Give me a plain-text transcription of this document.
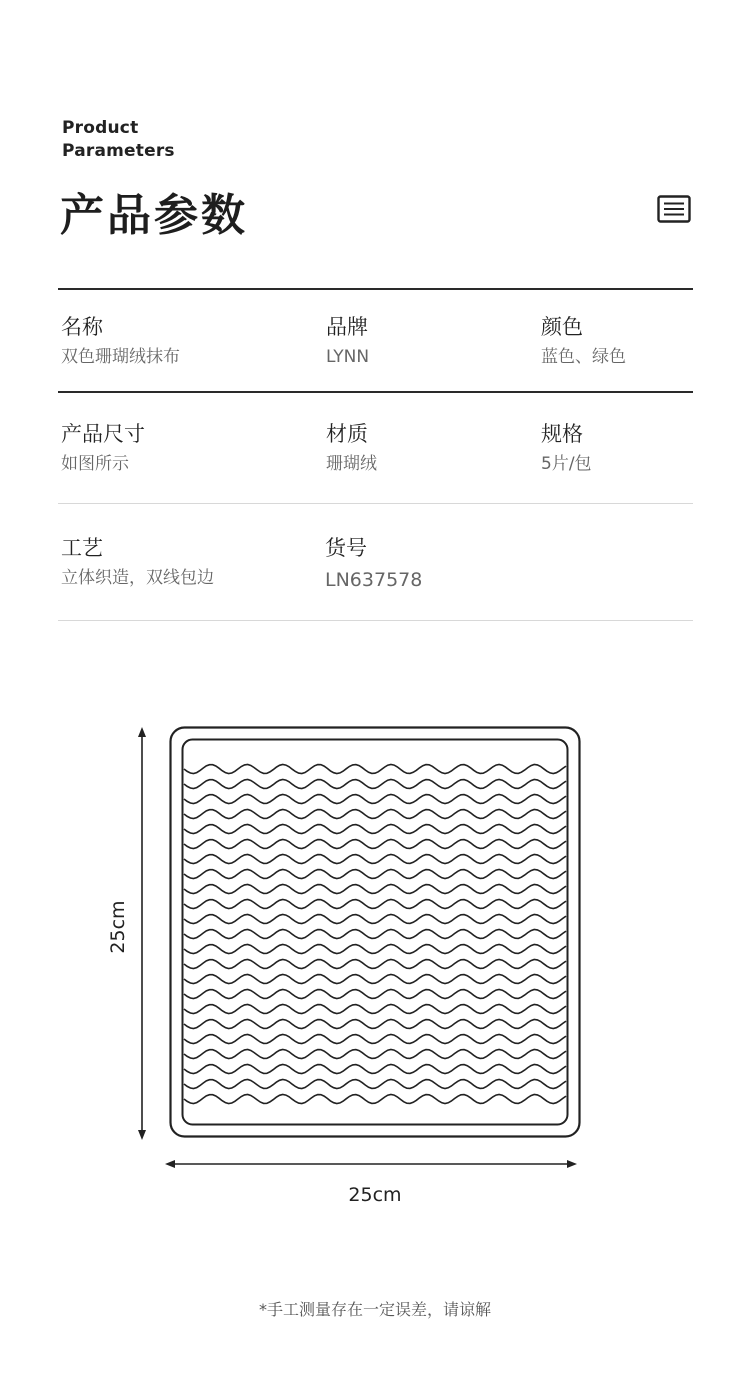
Product
Parameters
产品参数
名称
双色珊瑚绒抹布
品牌
LYNN
颜色
蓝色、绿色
产品尺寸
如图所示
材质
珊瑚绒
规格
5片/包
工艺
立体织造，双线包边
货号
LN637578
25cm
25cm
*手工测量存在一定误差，请谅解
